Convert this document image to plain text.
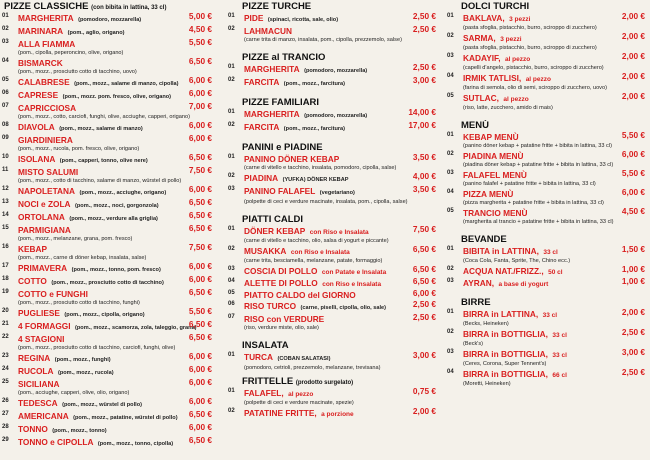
PIZZE CLASSICHE (con bibita in lattina, 33 cl)
01 MARGHERITA (pomodoro, mozzarella)	5,00 €
02 MARINARA (pom., aglio, origano)	4,50 €
03 ALLA FIAMMA	5,50 €
(pom., cipolla, peperoncino, olive, origano)
04 BISMARCK	6,50 €
(pom., mozz., prosciutto cotto di tacchino, uovo)
05 CALABRESE (pom., mozz., salame di manzo, cipolla) 6,00 €
06 CAPRESE (pom., mozz. pom. fresco, olive, origano) 6,00 €
07 CAPRICCIOSA	7,00 €
(pom., mozz., cotto, carciofi, funghi, olive, acciughe, capperi, origano)
08 DIAVOLA (pom., mozz., salame di manzo)	6,00 €
09 GIARDINIERA	6,00 €
(pom., mozz., rucola, pom. fresco, olive, origano)
10 ISOLANA (pom., capperi, tonno, olive nere)	6,50 €
11 MISTO SALUMI	7,50 €
(pom., mozz., cotto di tacchino, salame di manzo, würstel di pollo)
12 NAPOLETANA (pom., mozz., acciughe, origano)	6,00 €
13 NOCI e ZOLA (pom., mozz., noci, gorgonzola)	6,50 €
14 ORTOLANA (pom., mozz., verdure alla griglia)	6,50 €
15 PARMIGIANA	6,50 €
(pom., mozz., melanzane, grana, pom. fresco)
16 KEBAP	7,50 €
(pom., mozz., carne di döner kebap, insalata, salse)
17 PRIMAVERA (pom., mozz., tonno, pom. fresco)	6,00 €
18 COTTO (pom., mozz., prosciutto cotto di tacchino)	6,00 €
19 COTTO e FUNGHI	6,50 €
(pom., mozz., prosciutto cotto di tacchino, funghi)
20 PUGLIESE (pom., mozz., cipolla, origano)	5,50 €
21 4 FORMAGGI (pom., mozz., scamorza, zola, taleggio, grana)
6,50 €
22 4 STAGIONI	6,50 €
(pom., mozz., prosciutto cotto di tacchino, carciofi, funghi, olive)
23 REGINA (pom., mozz., funghi)	6,00 €
24 RUCOLA (pom., mozz., rucola)	6,00 €
25 SICILIANA	6,00 €
(pom., acciughe, capperi, olive, olio, origano)
26 TEDESCA (pom., mozz., würstel di pollo)	6,00 €
27 AMERICANA (pom., mozz., patatine, würstel di pollo) 6,50 €
28 TONNO (pom., mozz., tonno)	6,00 €
29 TONNO e CIPOLLA (pom., mozz., tonno, cipolla) 6,50 €
PIZZE TURCHE
01 PIDE (spinaci, ricotta, sale, olio)	2,50 €
02 LAHMACUN	2,50 €
(carne trita di manzo, insalata, pom., cipolla, prezzemolo, salse)
PIZZE al TRANCIO
01 MARGHERITA (pomodoro, mozzarella)	2,50 €
02 FARCITA (pom., mozz., farcitura)	3,00 €
PIZZE FAMILIARI
01 MARGHERITA (pomodoro, mozzarella)	14,00 €
02 FARCITA (pom., mozz., farcitura)	17,00 €
PANINI e PIADINE
01 PANINO DÖNER KEBAP	3,50 €
(carne di vitello e tacchino, insalata, pomodoro, cipolla, salse)
02 PIADINA (YUFKA) DÖNER KEBAP	4,00 €
03 PANINO FALAFEL (vegetariano)	3,50 €
(polpette di ceci e verdure macinate, insalata, pom., cipolla, salse)
PIATTI CALDI
01 DÖNER KEBAP con Riso e Insalata	7,50 €
(carne di vitello e tacchino, olio, salsa di yogurt e piccante)
02 MUSAKKA con Riso e Insalata	6,50 €
(carne trita, besciamella, melanzane, patate, formaggio)
03 COSCIA DI POLLO con Patate e Insalata	6,50 €
04 ALETTE DI POLLO con Riso e Insalata	6,50 €
05 PIATTO CALDO del GIORNO	6,00 €
06 RISO TURCO (carne, piselli, cipolla, olio, sale)	2,50 €
07 RISO con VERDURE	2,50 €
(riso, verdure miste, olio, sale)
INSALATA
01 TURCA (COBAN SALATASI)	3,00 €
(pomodoro, cetrioli, prezzemolo, melanzane, trevisana)
FRITTELLE (prodotto surgelato)
01 FALAFEL, al pezzo	0,75 €
(polpette di ceci e verdure macinate, spezie)
02 PATATINE FRITTE, a porzione	2,00 €
DOLCI TURCHI
01 BAKLAVA, 3 pezzi	2,00 €
(pasta sfoglia, pistacchio, burro, sciroppo di zucchero)
02 SARMA, 3 pezzi	2,00 €
(pasta sfoglia, pistacchio, burro, sciroppo di zucchero)
03 KADAYIF, al pezzo	2,00 €
(capelli d'angelo, pistacchio, burro, sciroppo di zucchero)
04 IRMIK TATLISI, al pezzo	2,00 €
(farina di semola, olio di semi, sciroppo di zucchero, uovo)
05 SUTLAC, al pezzo	2,00 €
(riso, latte, zucchero, amido di mais)
MENÙ
01 KEBAP MENÙ	5,50 €
(panino döner kebap + patatine fritte + bibita in lattina, 33 cl)
02 PIADINA MENÙ	6,00 €
(piadina döner kebap + patatine fritte + bibita in lattina, 33 cl)
03 FALAFEL MENÙ	5,50 €
(panino falafel + patatine fritte + bibita in lattina, 33 cl)
04 PIZZA MENÙ	6,00 €
(pizza margherita + patatine fritte + bibita in lattina, 33 cl)
05 TRANCIO MENÙ	4,50 €
(margherita al trancio + patatine fritte + bibita in lattina, 33 cl)
BEVANDE
01 BIBITA in LATTINA, 33 cl	1,50 €
(Coca Cola, Fanta, Sprite, The, Chino ecc.)
02 ACQUA NAT./FRIZZ., 50 cl	1,00 €
03 AYRAN, a base di yogurt	1,00 €
BIRRE
01 BIRRA in LATTINA, 33 cl	2,00 €
(Becks, Heineken)
02 BIRRA in BOTTIGLIA, 33 cl	2,50 €
(Beck's)
03 BIRRA in BOTTIGLIA, 33 cl	3,00 €
(Ceres, Corona, Super Tennent's)
04 BIRRA in BOTTIGLIA, 66 cl	2,50 €
(Moretti, Heineken)
